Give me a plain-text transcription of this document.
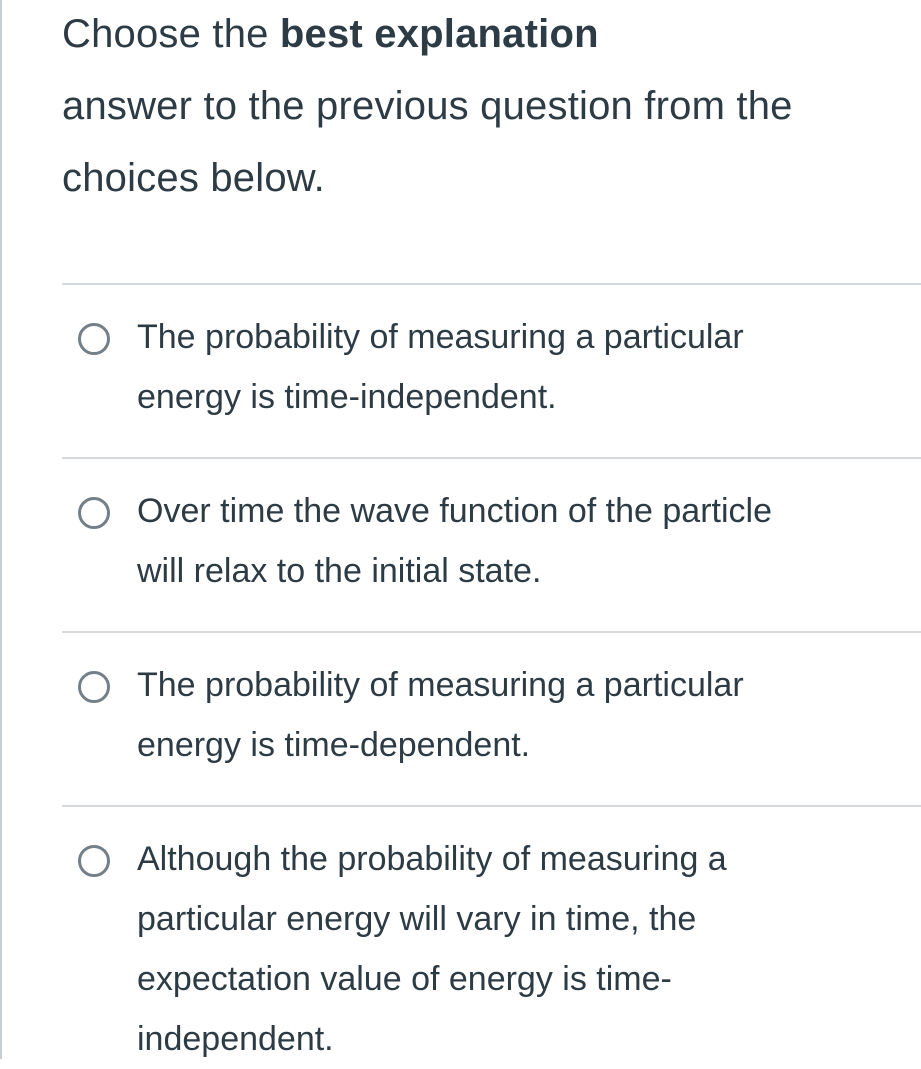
Choose the best explanation
answer to the previous question from the
choices below.
The probability of measuring a particular
energy is time-independent.
Over time the wave function of the particle
will relax to the initial state.
The probability of measuring a particular
energy is time-dependent.
Although the probability of measuring a
particular energy will vary in time, the
expectation value of energy is time-
independent.
